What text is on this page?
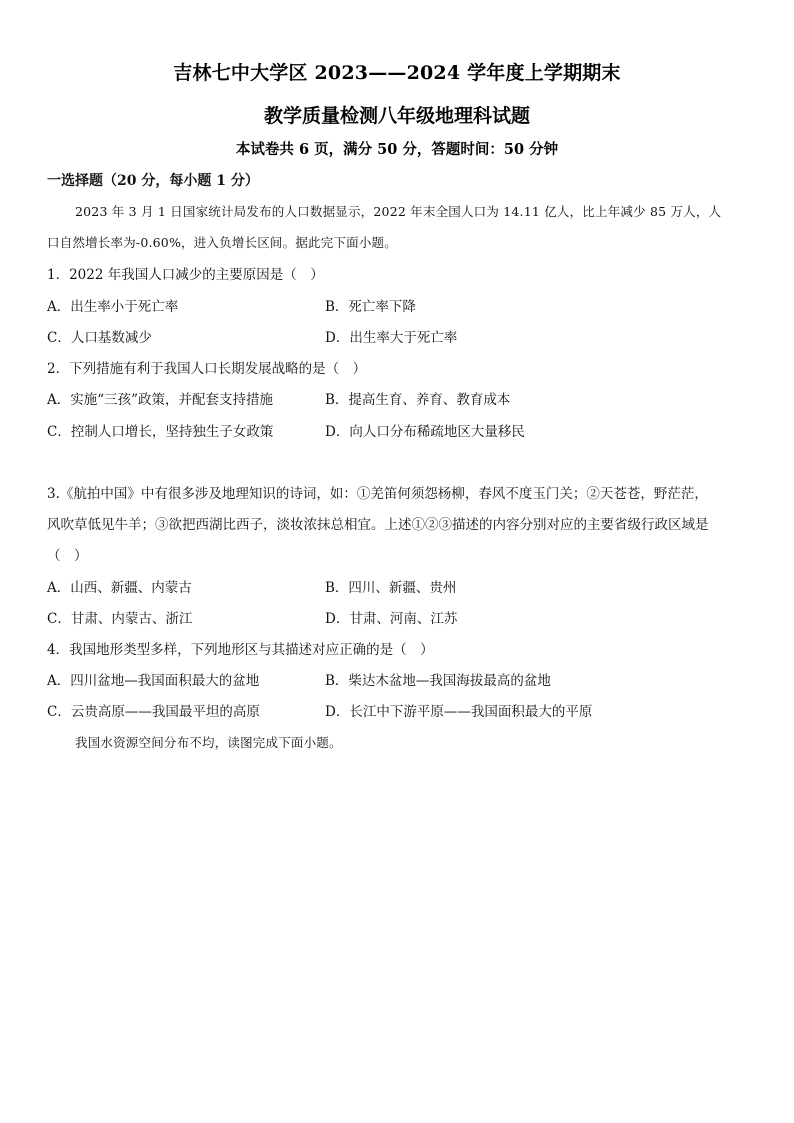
吉林七中大学区 2023——2024 学年度上学期期末
教学质量检测八年级地理科试题
本试卷共 6 页，满分 50 分，答题时间：50 分钟
一选择题（20 分，每小题 1 分）
2023 年 3 月 1 日国家统计局发布的人口数据显示，2022 年末全国人口为 14.11 亿人，比上年减少 85 万人，人
口自然增长率为-0.60%，进入负增长区间。据此完下面小题。
1．2022 年我国人口减少的主要原因是（　）
A．出生率小于死亡率	B．死亡率下降
C．人口基数减少	D．出生率大于死亡率
2．下列措施有利于我国人口长期发展战略的是（　）
A．实施“三孩”政策，并配套支持措施	B．提高生育、养育、教育成本
C．控制人口增长，坚持独生子女政策	D．向人口分布稀疏地区大量移民
3.《航拍中国》中有很多涉及地理知识的诗词，如：①羌笛何须怨杨柳，春风不度玉门关；②天苍苍，野茫茫，
风吹草低见牛羊；③欲把西湖比西子，淡妆浓抹总相宜。上述①②③描述的内容分别对应的主要省级行政区域是
（　）
A．山西、新疆、内蒙古	B．四川、新疆、贵州
C．甘肃、内蒙古、浙江	D．甘肃、河南、江苏
4．我国地形类型多样，下列地形区与其描述对应正确的是（　）
A．四川盆地—我国面积最大的盆地	B．柴达木盆地—我国海拔最高的盆地
C．云贵高原——我国最平坦的高原	D．长江中下游平原——我国面积最大的平原
我国水资源空间分布不均，读图完成下面小题。
